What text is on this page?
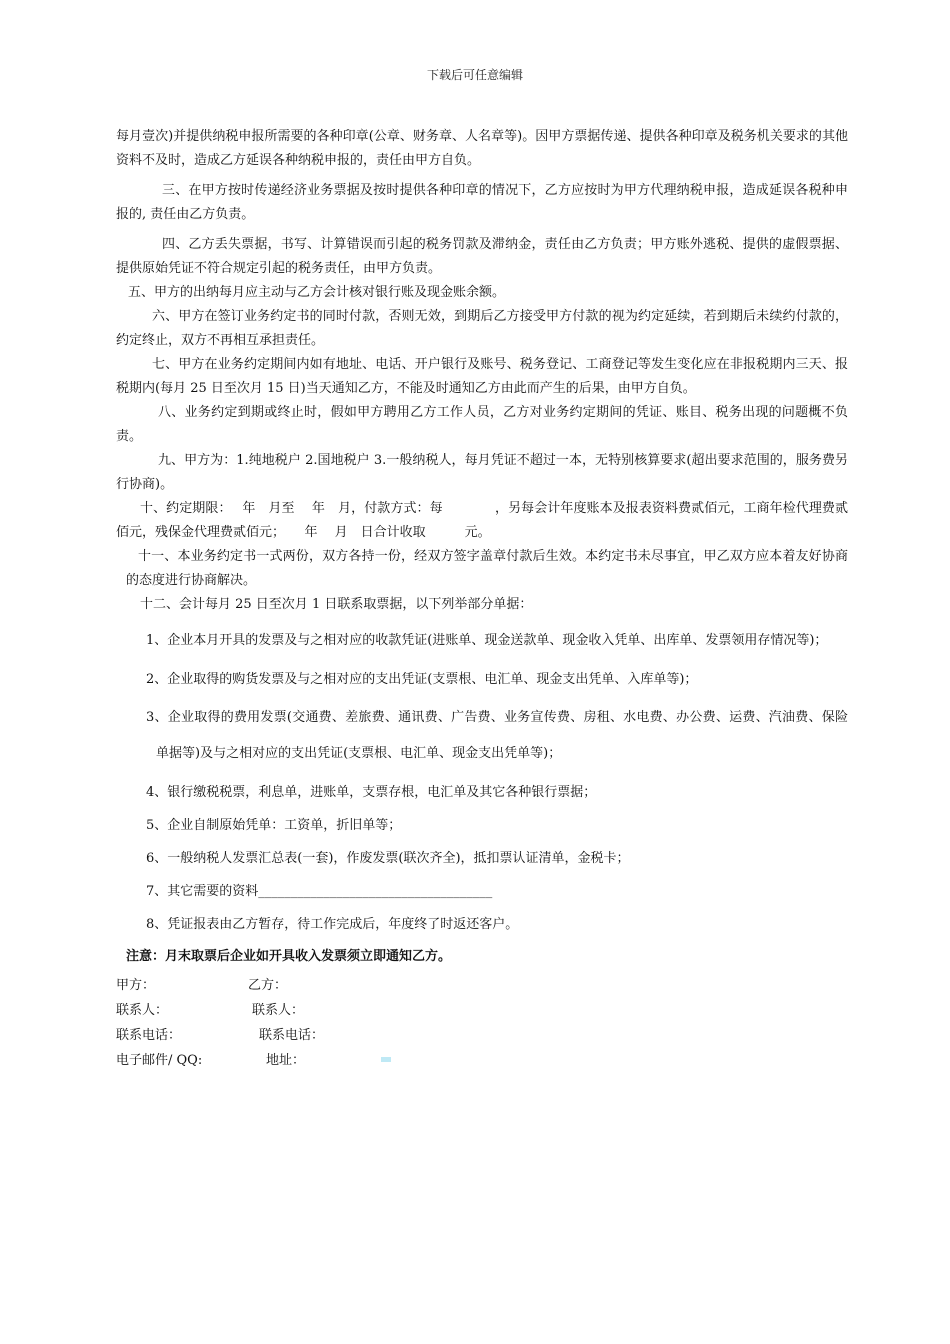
下载后可任意编辑

每月壹次)并提供纳税申报所需要的各种印章(公章、财务章、人名章等)。因甲方票据传递、提供各种印章及税务机关要求的其他资料不及时，造成乙方延误各种纳税申报的，责任由甲方自负。

三、在甲方按时传递经济业务票据及按时提供各种印章的情况下，乙方应按时为甲方代理纳税申报，造成延误各税种申报的, 责任由乙方负责。

四、乙方丢失票据，书写、计算错误而引起的税务罚款及滞纳金，责任由乙方负责；甲方账外逃税、提供的虚假票据、提供原始凭证不符合规定引起的税务责任，由甲方负责。

五、甲方的出纳每月应主动与乙方会计核对银行账及现金账余额。

六、甲方在签订业务约定书的同时付款，否则无效，到期后乙方接受甲方付款的视为约定延续，若到期后未续约付款的，约定终止，双方不再相互承担责任。

七、甲方在业务约定期间内如有地址、电话、开户银行及账号、税务登记、工商登记等发生变化应在非报税期内三天、报税期内(每月 25 日至次月 15 日)当天通知乙方，不能及时通知乙方由此而产生的后果，由甲方自负。

八、业务约定到期或终止时，假如甲方聘用乙方工作人员，乙方对业务约定期间的凭证、账目、税务出现的问题概不负责。

九、甲方为：1.纯地税户 2.国地税户 3.一般纳税人，每月凭证不超过一本，无特别核算要求(超出要求范围的，服务费另行协商)。

十、约定期限：　 年　月至　 年　月，付款方式：每　　　　，另每会计年度账本及报表资料费贰佰元，工商年检代理费贰佰元，残保金代理费贰佰元；　　年　 月　日合计收取　　　元。

十一、本业务约定书一式两份，双方各持一份，经双方签字盖章付款后生效。本约定书未尽事宜，甲乙双方应本着友好协商的态度进行协商解决。

十二、会计每月 25 日至次月 1 日联系取票据，以下列举部分单据：

1、企业本月开具的发票及与之相对应的收款凭证(进账单、现金送款单、现金收入凭单、出库单、发票领用存情况等)；

2、企业取得的购货发票及与之相对应的支出凭证(支票根、电汇单、现金支出凭单、入库单等)；

3、企业取得的费用发票(交通费、差旅费、通讯费、广告费、业务宣传费、房租、水电费、办公费、运费、汽油费、保险单据等)及与之相对应的支出凭证(支票根、电汇单、现金支出凭单等)；

4、银行缴税税票，利息单，进账单，支票存根，电汇单及其它各种银行票据；

5、企业自制原始凭单：工资单，折旧单等；

6、一般纳税人发票汇总表(一套)，作废发票(联次齐全)，抵扣票认证清单，金税卡；

7、其它需要的资料____________________________________

8、凭证报表由乙方暂存，待工作完成后，年度终了时返还客户。

注意：月末取票后企业如开具收入发票须立即通知乙方。

甲方：	乙方：
联系人：	联系人：
联系电话：	联系电话：
电子邮件/ QQ:	地址：
